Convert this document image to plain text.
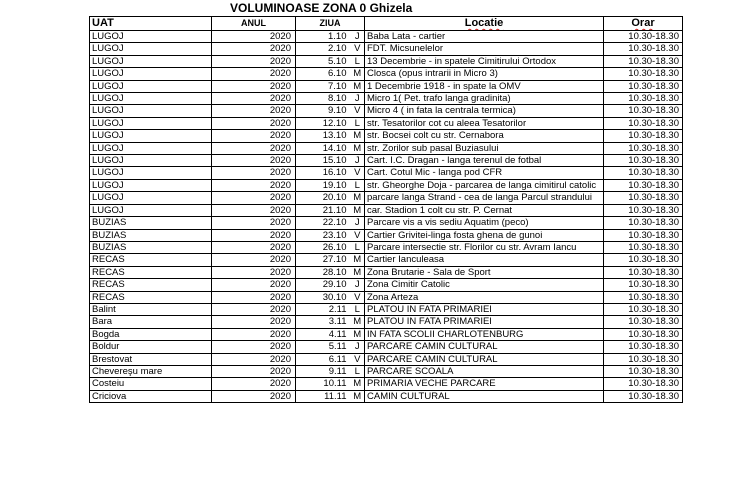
VOLUMINOASE ZONA 0 Ghizela
UAT	ANUL	ZIUA		Locatie	Orar
LUGOJ	2020	1.10	J	Baba Lata - cartier	10.30-18.30
LUGOJ	2020	2.10	V	FDT. Micsunelelor	10.30-18.30
LUGOJ	2020	5.10	L	13 Decembrie - in spatele Cimitirului Ortodox	10.30-18.30
LUGOJ	2020	6.10	M	Closca (opus intrarii in Micro 3)	10.30-18.30
LUGOJ	2020	7.10	M	1 Decembrie 1918 - in spate la OMV	10.30-18.30
LUGOJ	2020	8.10	J	Micro 1( Pet. trafo langa gradinita)	10.30-18.30
LUGOJ	2020	9.10	V	Micro 4 ( in fata la centrala termica)	10.30-18.30
LUGOJ	2020	12.10	L	str. Tesatorilor cot cu aleea Tesatorilor	10.30-18.30
LUGOJ	2020	13.10	M	str. Bocsei colt cu str. Cernabora	10.30-18.30
LUGOJ	2020	14.10	M	str. Zorilor sub pasal Buziasului	10.30-18.30
LUGOJ	2020	15.10	J	Cart. I.C. Dragan - langa terenul de fotbal	10.30-18.30
LUGOJ	2020	16.10	V	Cart. Cotul Mic - langa pod CFR	10.30-18.30
LUGOJ	2020	19.10	L	str. Gheorghe Doja - parcarea de langa cimitirul catolic	10.30-18.30
LUGOJ	2020	20.10	M	parcare langa Strand - cea de langa Parcul strandului	10.30-18.30
LUGOJ	2020	21.10	M	car. Stadion 1 colt cu str. P. Cernat	10.30-18.30
BUZIAS	2020	22.10	J	Parcare vis a vis sediu Aquatim (peco)	10.30-18.30
BUZIAS	2020	23.10	V	Cartier Grivitei-linga fosta ghena de gunoi	10.30-18.30
BUZIAS	2020	26.10	L	Parcare intersectie str. Florilor cu str. Avram Iancu	10.30-18.30
RECAS	2020	27.10	M	Cartier Ianculeasa	10.30-18.30
RECAS	2020	28.10	M	Zona Brutarie - Sala de Sport	10.30-18.30
RECAS	2020	29.10	J	Zona Cimitir Catolic	10.30-18.30
RECAS	2020	30.10	V	Zona Arteza	10.30-18.30
Balint	2020	2.11	L	PLATOU IN FATA PRIMARIEI	10.30-18.30
Bara	2020	3.11	M	PLATOU IN FATA PRIMARIEI	10.30-18.30
Bogda	2020	4.11	M	IN FATA SCOLII CHARLOTENBURG	10.30-18.30
Boldur	2020	5.11	J	PARCARE CAMIN CULTURAL	10.30-18.30
Brestovat	2020	6.11	V	PARCARE CAMIN CULTURAL	10.30-18.30
Chevereşu mare	2020	9.11	L	PARCARE SCOALA	10.30-18.30
Costeiu	2020	10.11	M	PRIMARIA VECHE PARCARE	10.30-18.30
Criciova	2020	11.11	M	CAMIN CULTURAL	10.30-18.30
